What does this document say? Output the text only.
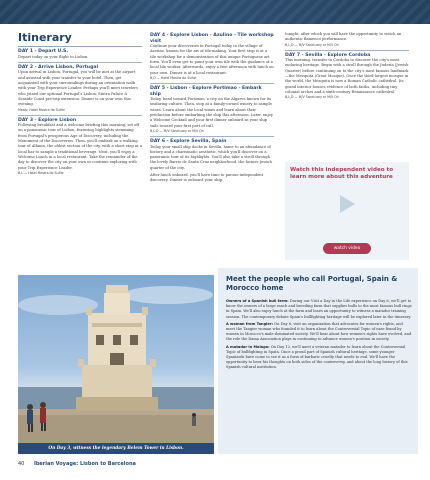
Itinerary
DAY 1 - Depart U.S.
Depart today on your flight to Lisbon.
DAY 2 - Arrive Lisbon, Portugal
Upon arrival in Lisbon, Portugal, you will be met at the airport and assisted with your transfer to your hotel. Then, get acquainted with your surroundings during an orientation walk with your Trip Experience Leader. Perhaps you'll meet travelers who joined our optional Portugal's Lisbon, Sintra Palace & Seaside Coast pre-trip extension. Dinner is on your own this evening.
Meals: Hotel Mostra do Sulfar
DAY 3 - Explore Lisbon
Following breakfast and a welcome briefing this morning, set off on a panoramic tour of Lisbon, featuring highlights stemming from Portugal's prosperous Age of Discovery, including the Monument of the Discoveries. Then, you'll embark on a walking tour of Alfama, the oldest section of the city, with a short stop at a local bar to sample a traditional beverage. Next, you'll enjoy a Welcome Lunch in a local restaurant. Take the remainder of the day to discover the city on your own or continue exploring with your Trip Experience Leader.
B,L — Hotel Mostra do Sulfar
DAY 4 - Explore Lisbon - Azulino - Tile workshop visit
Continue your discoveries in Portugal today in the village of Azeitao, known for the art of tile-making. Your first stop is at a tile workshop for a demonstration of this unique Portuguese art form. You'll even get to paint your own tile with the guidance of a local tile worker. Afterwards, enjoy a free afternoon with lunch on your own. Dinner is at a local restaurant.
B,D — Hotel Mostra do Sulfar
DAY 5 - Lisbon - Explore Portimao - Embark ship
Today, head toward Portimao, a city on the Algarve known for its seafaring culture. Then, stop at a family-owned winery to sample wines. Learn about the local wines and learn about their production before embarking the ship this afternoon. Later, enjoy a Welcome Cocktail and your first dinner onboard as your ship sails toward your first port of call.
B,L,D — M/V Sanctuary or M/V Oh
DAY 6 - Explore Sevilla, Spain
Today your small ship docks in Sevilla, home to an abundance of history and a charismatic aesthetic, which you'll discover on a panoramic tour of its highlights. You'll also take a stroll through the lovely Barrio de Santa Cruz neighborhood, the former Jewish quarter of the city.
After lunch onboard, you'll have time to pursue independent discovery. Dinner is onboard your ship.
tonight, after which you will have the opportunity to watch an authentic flamenco performance.
B,L,D — M/V Sanctuary or M/V Oh
DAY 7 - Sevilla - Explore Cordoba
This morning, transfer to Cordoba to discover the city's most enduring heritage. Begin with a stroll through the Judería (Jewish Quarter) before continuing on to the city's most famous landmark—the Mezquita (Great Mosque). Once the third-largest mosque in the world, the Mezquita is now a Roman Catholic cathedral. Its grand interior houses evidence of both faiths, including tiny colonial arches and a sixth-century Renaissance cathedral.
B,L,D — M/V Sanctuary or M/V Oh
Watch this independent video to learn more about this adventure
watch video
On Day 3, witness the legendary Belem Tower in Lisbon.
Meet the people who call Portugal, Spain & Morocco home

Owners of a Spanish bull farm: During our Visit a Day in the Life experience on Day 6, we'll get to know the owners of a large ranch and breeding farm that supplies bulls to the most famous bull rings in Spain. We'll also enjoy lunch at the farm and learn an opportunity to witness a matador training session. The contemporary debate Spain's bullfighting heritage will be explored later in the itinerary.

A woman from Tangier: On Day 6, visit an organization that advocates for women's rights, and meet the Tangier woman who founded it to learn about the Controversial Topic of ease found by women in Morocco's male-dominated society. We'll hear about how women's rights have evolved, and the role the Dama Association plays in continuing to advance women's position in society.

A matador in Malaga: On Day 12, we'll meet a veteran matador to learn about the Controversial Topic of bullfighting in Spain. Once a proud part of Spanish cultural heritage, some younger Spaniards have come to see it as a form of barbaric cruelty that needs to end. We'll have the opportunity to hear his thoughts on both sides of the controversy, and about the long history of this Spanish cultural institution.

40 Iberian Voyage: Lisbon to Barcelona
